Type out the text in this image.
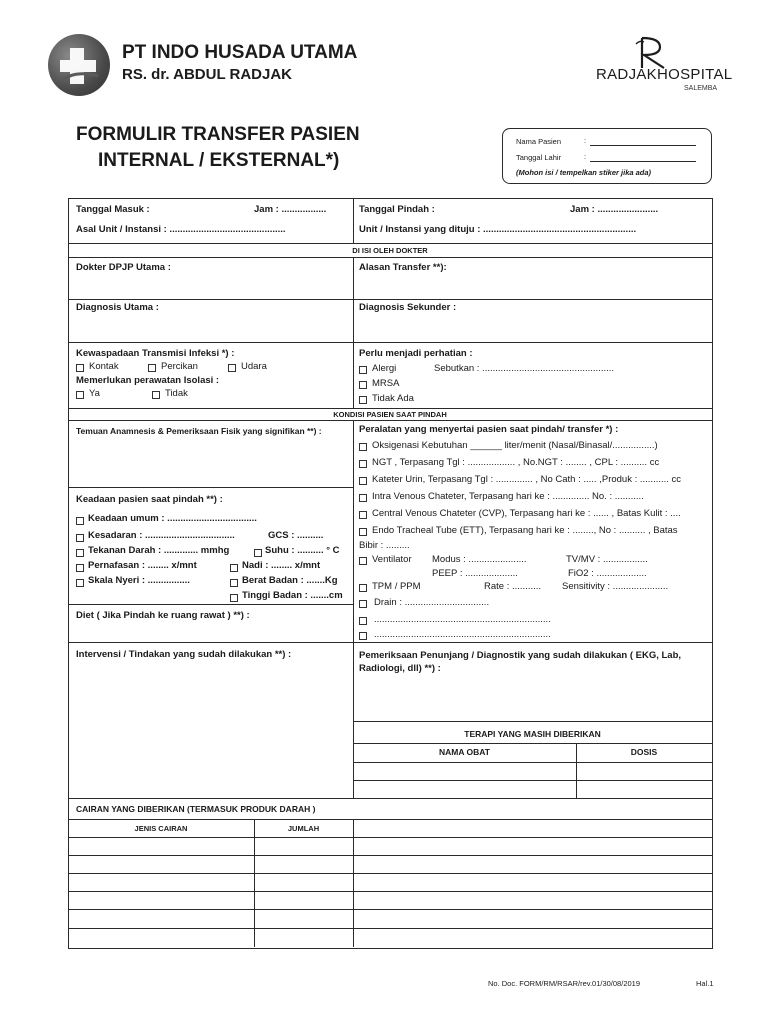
PT INDO HUSADA UTAMA
RS. dr. ABDUL RADJAK	RADJAKHOSPITAL
SALEMBA
FORMULIR TRANSFER PASIEN
INTERNAL / EKSTERNAL*)
Nama Pasien	:
Tanggal Lahir	:
(Mohon isi / tempelkan stiker jika ada)
Tanggal Masuk :	Jam : .................
Asal Unit / Instansi : ............................................
Tanggal Pindah :	Jam : .......................
Unit / Instansi yang dituju : ..........................................................
DI ISI OLEH DOKTER
Dokter DPJP Utama :	Alasan Transfer **):
Diagnosis Utama :	Diagnosis Sekunder :
Kewaspadaan Transmisi Infeksi *) :
Kontak	Percikan	Udara
Memerlukan perawatan Isolasi :
Ya	Tidak
Perlu menjadi perhatian :
Alergi	Sebutkan : ..................................................
MRSA
Tidak Ada
KONDISI PASIEN SAAT PINDAH
Temuan Anamnesis & Pemeriksaan Fisik yang signifikan **) :
Keadaan pasien saat pindah **) :
Keadaan umum : ..................................
Kesadaran : ..................................	GCS : ..........
Tekanan Darah : ............. mmhg	Suhu : .......... ° C
Pernafasan : ........ x/mnt	Nadi : ........ x/mnt
Skala Nyeri : ................	Berat Badan : .......Kg
Tinggi Badan : .......cm
Diet ( Jika Pindah ke ruang rawat ) **) :
Peralatan yang menyertai pasien saat pindah/ transfer *) :
Oksigenasi Kebutuhan ______ liter/menit (Nasal/Binasal/................)
NGT , Terpasang Tgl : .................. , No.NGT : ........ , CPL : .......... cc
Kateter Urin, Terpasang Tgl : .............. , No Cath : ..... ,Produk : ........... cc
Intra Venous Chateter, Terpasang hari ke : .............. No. : ...........
Central Venous Chateter (CVP), Terpasang hari ke : ...... , Batas Kulit : ....
Endo Tracheal Tube (ETT), Terpasang hari ke : ........, No : .......... , Batas
Bibir : .........
Ventilator Modus : ......................	TV/MV : .................
PEEP : ....................	FiO2 : ...................
TPM / PPM	Rate : ........... Sensitivity : .....................
Drain : ................................
...................................................................
...................................................................
Intervensi / Tindakan yang sudah dilakukan **) :	Pemeriksaan Penunjang / Diagnostik yang sudah dilakukan ( EKG, Lab, Radiologi, dll) **) :
TERAPI YANG MASIH DIBERIKAN
NAMA OBAT	DOSIS
CAIRAN YANG DIBERIKAN (TERMASUK PRODUK DARAH )
JENIS CAIRAN	JUMLAH
No. Doc. FORM/RM/RSAR/rev.01/30/08/2019	Hal.1
